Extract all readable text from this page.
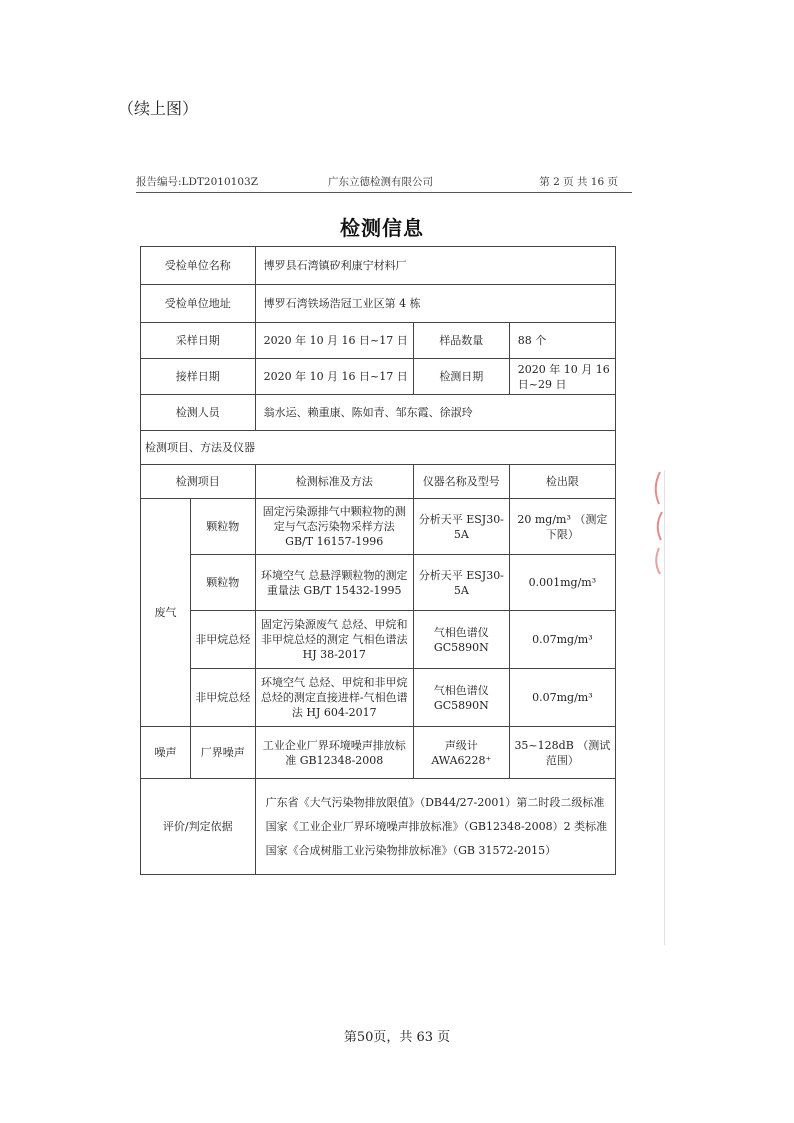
（续上图）
报告编号:LDT2010103Z	广东立德检测有限公司	第 2 页 共 16 页
检测信息
受检单位名称		博罗县石湾镇矽利康宁材料厂		
受检单位地址		博罗石湾铁场浩冠工业区第 4 栋		
采样日期		2020 年 10 月 16 日~17 日	样品数量	88 个
接样日期		2020 年 10 月 16 日~17 日	检测日期	2020 年 10 月 16 日~29 日
检测人员		翁水运、赖重康、陈如青、邹东霞、徐淑玲		
检测项目、方法及仪器				
检测项目		检测标准及方法	仪器名称及型号	检出限
废气	颗粒物	固定污染源排气中颗粒物的测定与气态污染物采样方法 GB/T 16157-1996	分析天平 ESJ30-5A	20 mg/m³ （测定下限）
	颗粒物	环境空气 总悬浮颗粒物的测定 重量法 GB/T 15432-1995	分析天平 ESJ30-5A	0.001mg/m³
	非甲烷总烃	固定污染源废气 总烃、甲烷和非甲烷总烃的测定 气相色谱法 HJ 38-2017	气相色谱仪 GC5890N	0.07mg/m³
	非甲烷总烃	环境空气 总烃、甲烷和非甲烷总烃的测定直接进样-气相色谱法 HJ 604-2017	气相色谱仪 GC5890N	0.07mg/m³
噪声	厂界噪声	工业企业厂界环境噪声排放标准 GB12348-2008	声级计 AWA6228⁺	35~128dB （测试范围）
评价/判定依据		广东省《大气污染物排放限值》（DB44/27-2001）第二时段二级标准
国家《工业企业厂界环境噪声排放标准》（GB12348-2008）2 类标准
国家《合成树脂工业污染物排放标准》（GB 31572-2015）		
第50页，共 63 页
